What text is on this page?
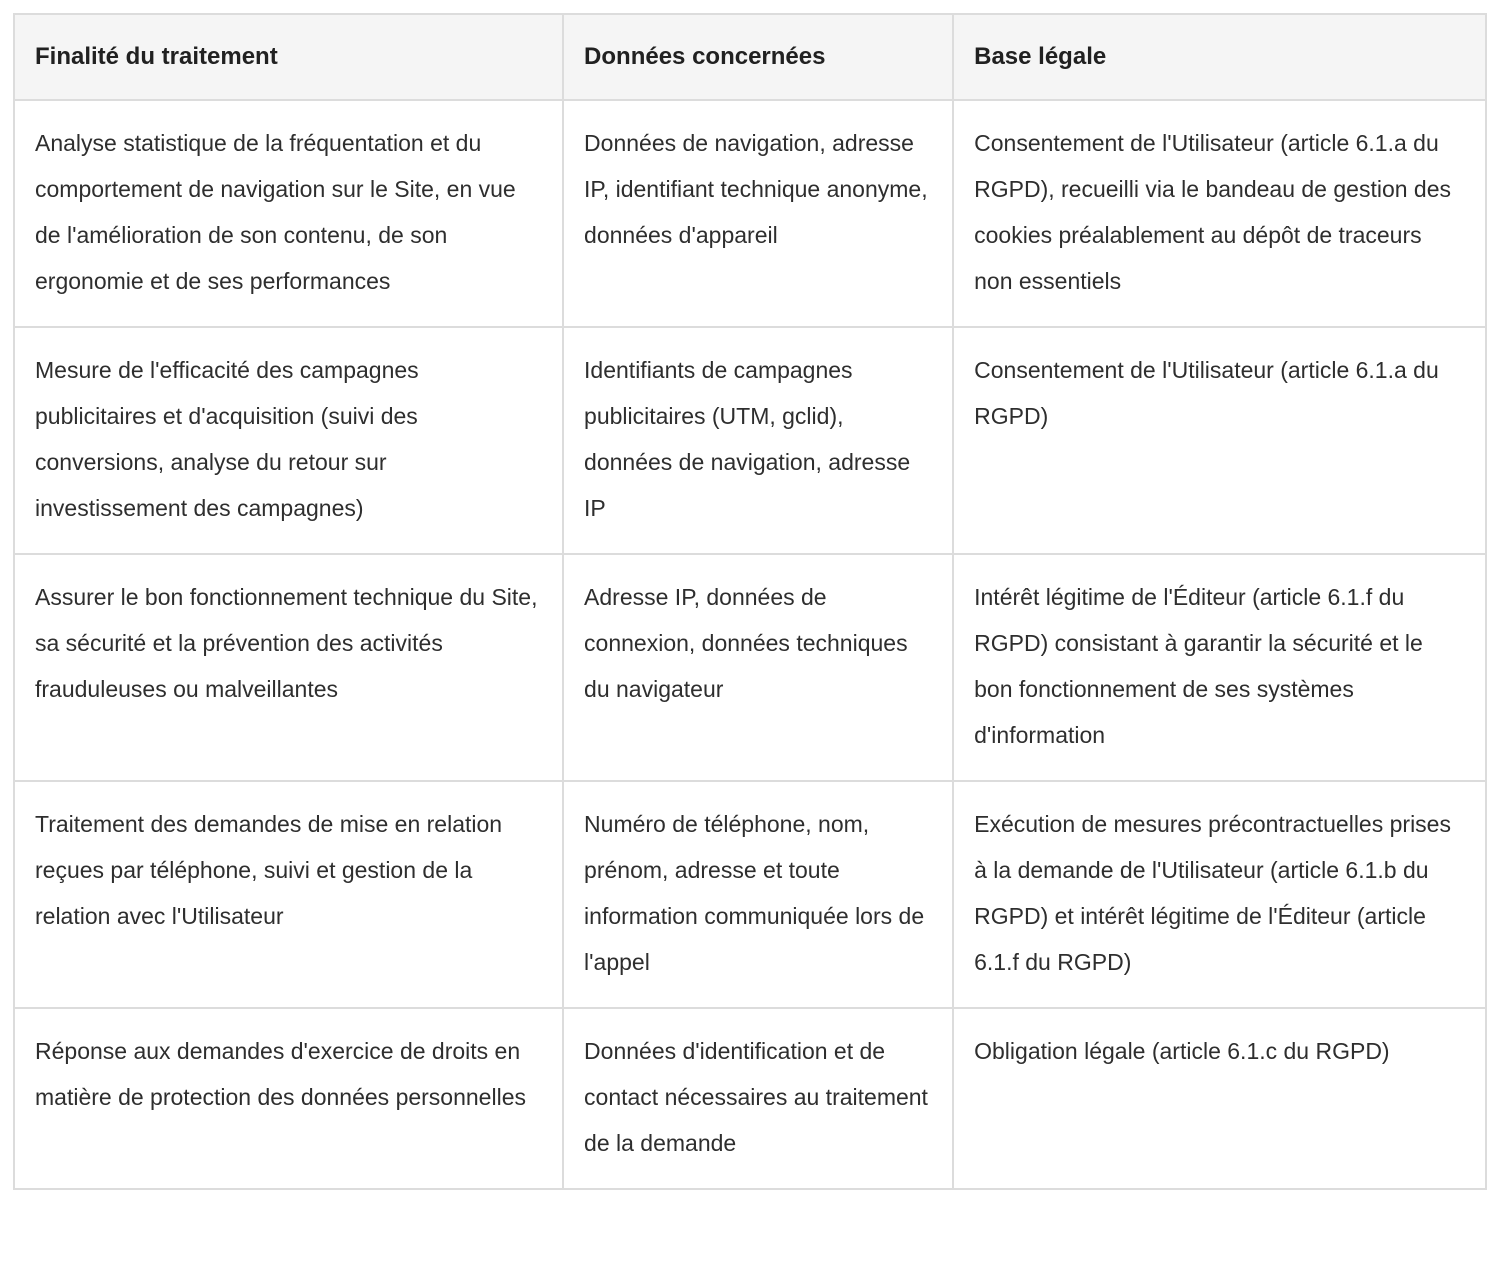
Finalité du traitement	Données concernées	Base légale
Analyse statistique de la fréquentation et du comportement de navigation sur le Site, en vue de l'amélioration de son contenu, de son ergonomie et de ses performances	Données de navigation, adresse IP, identifiant technique anonyme, données d'appareil	Consentement de l'Utilisateur (article 6.1.a du RGPD), recueilli via le bandeau de gestion des cookies préalablement au dépôt de traceurs non essentiels
Mesure de l'efficacité des campagnes publicitaires et d'acquisition (suivi des conversions, analyse du retour sur investissement des campagnes)	Identifiants de campagnes publicitaires (UTM, gclid), données de navigation, adresse IP	Consentement de l'Utilisateur (article 6.1.a du RGPD)
Assurer le bon fonctionnement technique du Site, sa sécurité et la prévention des activités frauduleuses ou malveillantes	Adresse IP, données de connexion, données techniques du navigateur	Intérêt légitime de l'Éditeur (article 6.1.f du RGPD) consistant à garantir la sécurité et le bon fonctionnement de ses systèmes d'information
Traitement des demandes de mise en relation reçues par téléphone, suivi et gestion de la relation avec l'Utilisateur	Numéro de téléphone, nom, prénom, adresse et toute information communiquée lors de l'appel	Exécution de mesures précontractuelles prises à la demande de l'Utilisateur (article 6.1.b du RGPD) et intérêt légitime de l'Éditeur (article 6.1.f du RGPD)
Réponse aux demandes d'exercice de droits en matière de protection des données personnelles	Données d'identification et de contact nécessaires au traitement de la demande	Obligation légale (article 6.1.c du RGPD)
